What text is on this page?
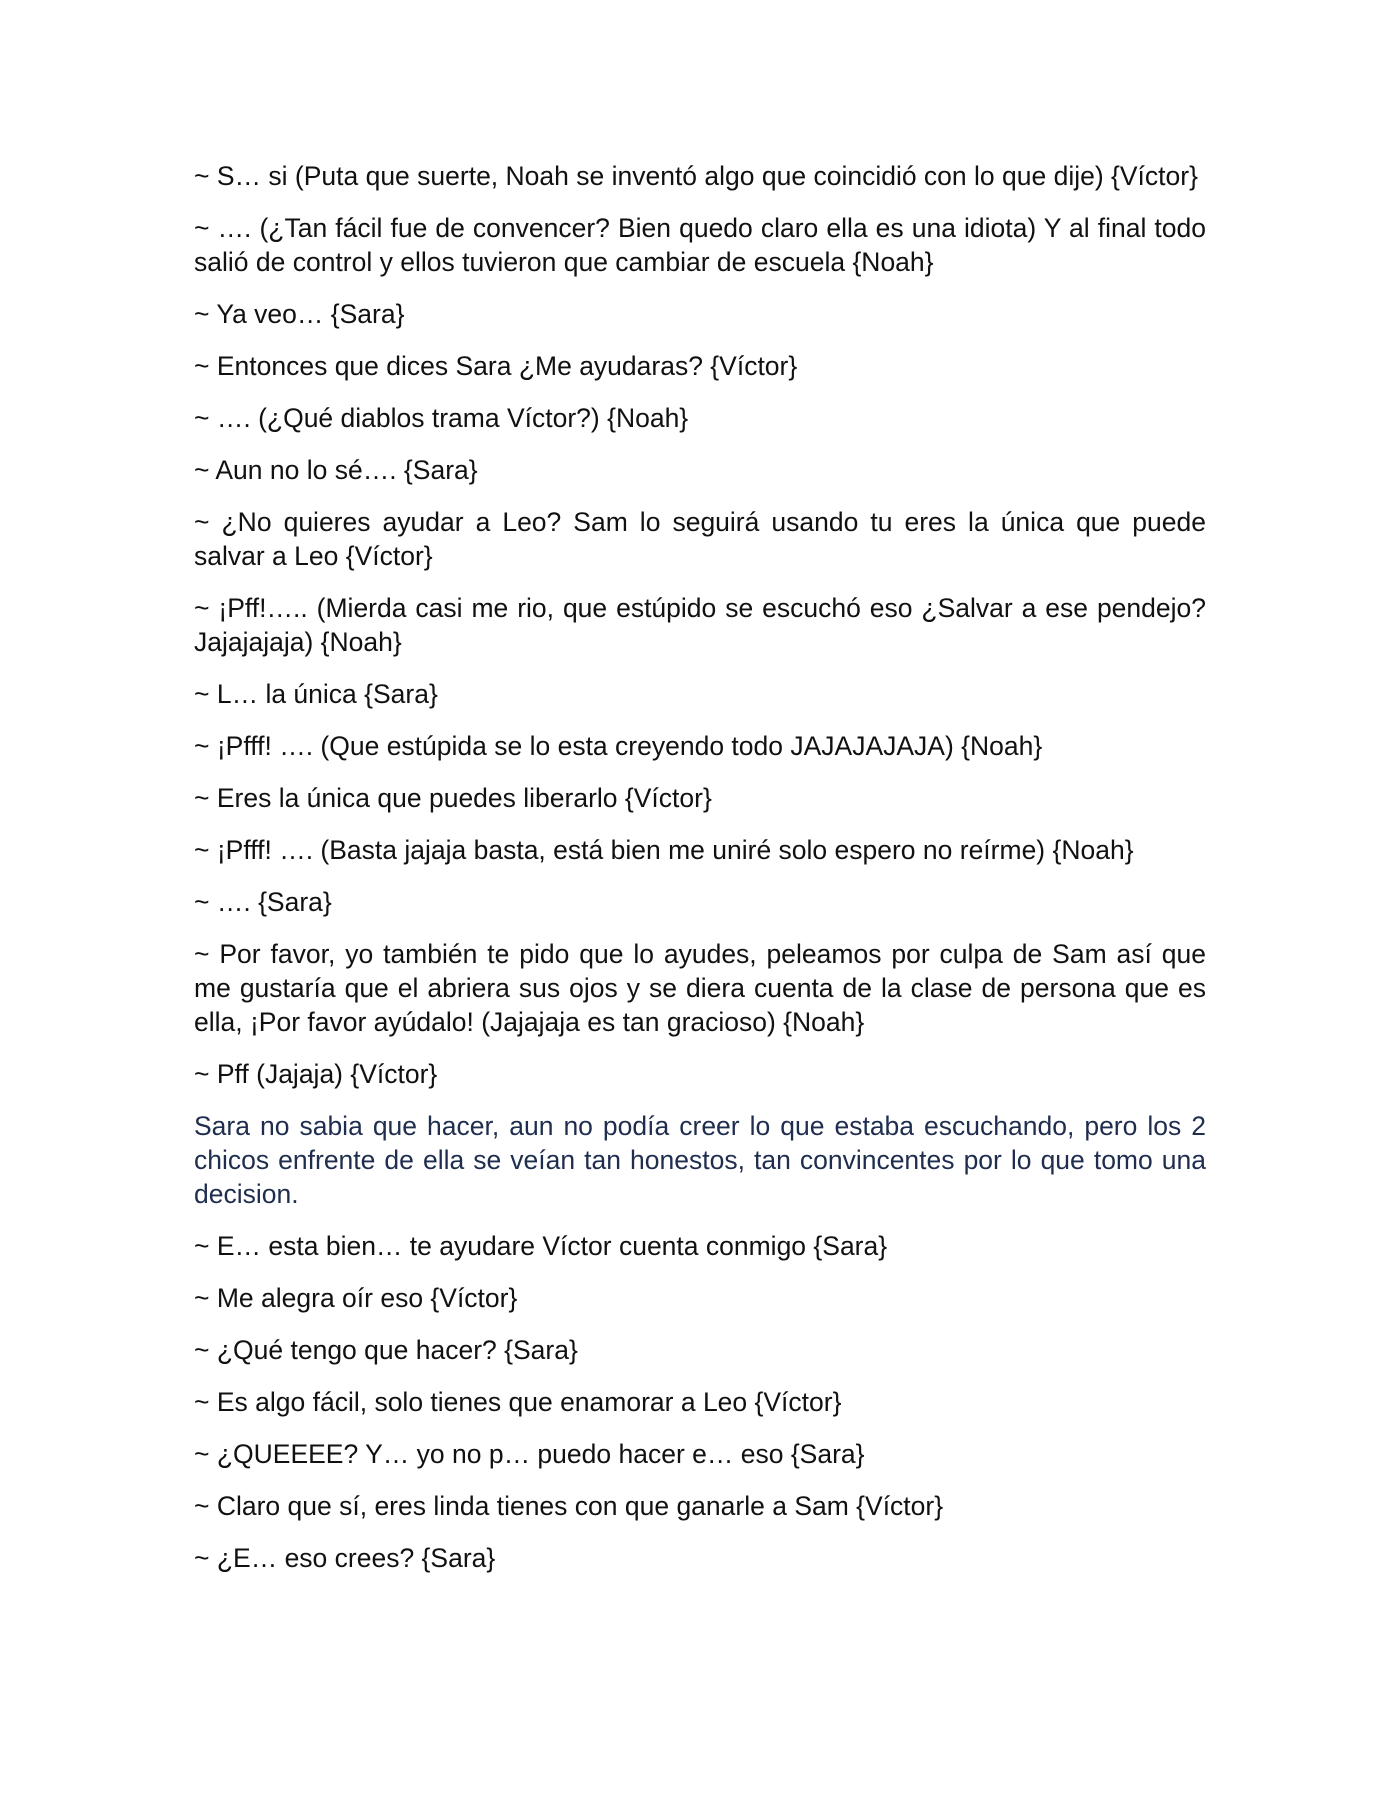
~ S… si (Puta que suerte, Noah se inventó algo que coincidió con lo que dije) {Víctor}

~ …. (¿Tan fácil fue de convencer? Bien quedo claro ella es una idiota) Y al final todo salió de control y ellos tuvieron que cambiar de escuela {Noah}

~ Ya veo… {Sara}

~ Entonces que dices Sara ¿Me ayudaras? {Víctor}

~ …. (¿Qué diablos trama Víctor?) {Noah}

~ Aun no lo sé…. {Sara}

~ ¿No quieres ayudar a Leo? Sam lo seguirá usando tu eres la única que puede salvar a Leo {Víctor}

~ ¡Pff!….. (Mierda casi me rio, que estúpido se escuchó eso ¿Salvar a ese pendejo? Jajajajaja) {Noah}

~ L… la única {Sara}

~ ¡Pfff! …. (Que estúpida se lo esta creyendo todo JAJAJAJAJA) {Noah}

~ Eres la única que puedes liberarlo {Víctor}

~ ¡Pfff! …. (Basta jajaja basta, está bien me uniré solo espero no reírme) {Noah}

~ …. {Sara}

~ Por favor, yo también te pido que lo ayudes, peleamos por culpa de Sam así que me gustaría que el abriera sus ojos y se diera cuenta de la clase de persona que es ella, ¡Por favor ayúdalo! (Jajajaja es tan gracioso) {Noah}

~ Pff (Jajaja) {Víctor}

Sara no sabia que hacer, aun no podía creer lo que estaba escuchando, pero los 2 chicos enfrente de ella se veían tan honestos, tan convincentes por lo que tomo una decision.

~ E… esta bien… te ayudare Víctor cuenta conmigo {Sara}

~ Me alegra oír eso {Víctor}

~ ¿Qué tengo que hacer? {Sara}

~ Es algo fácil, solo tienes que enamorar a Leo {Víctor}

~ ¿QUEEEE? Y… yo no p… puedo hacer e… eso {Sara}

~ Claro que sí, eres linda tienes con que ganarle a Sam {Víctor}

~ ¿E… eso crees? {Sara}
